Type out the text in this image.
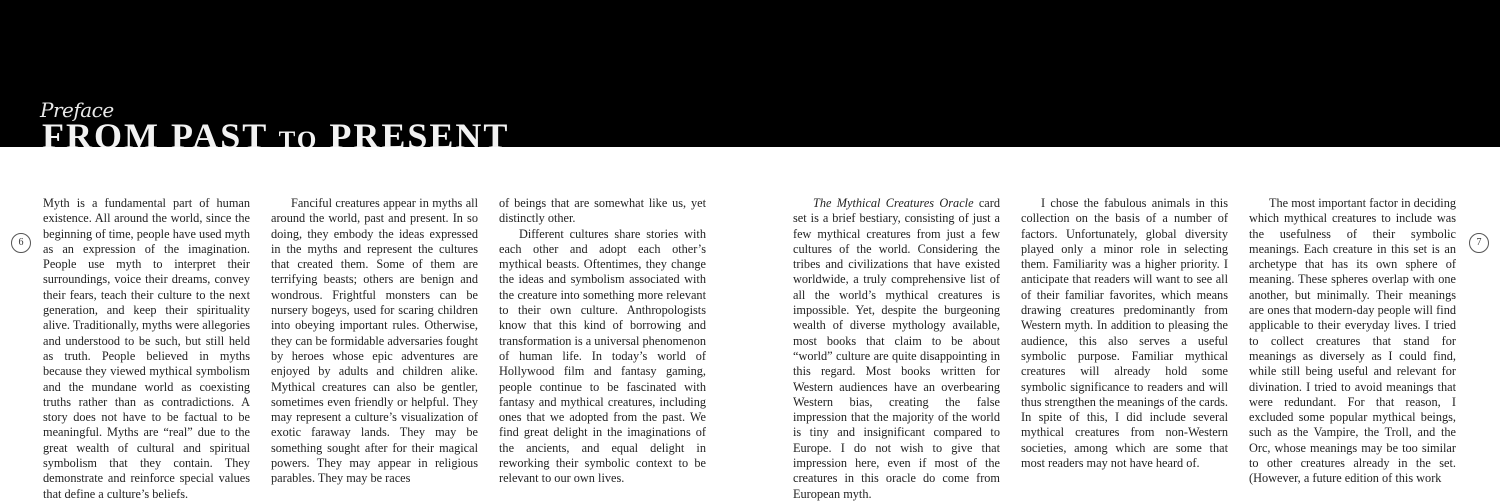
Preface
FROM PAST TO PRESENT
6	7

Myth is a fundamental part of human existence. All around the world, since the beginning of time, people have used myth as an expression of the imagination. People use myth to interpret their surroundings, voice their dreams, convey their fears, teach their culture to the next generation, and keep their spirituality alive. Traditionally, myths were allegories and understood to be such, but still held as truth. People believed in myths because they viewed mythical symbolism and the mundane world as coexisting truths rather than as contradictions. A story does not have to be factual to be meaningful. Myths are “real” due to the great wealth of cultural and spiritual symbolism that they contain. They demonstrate and reinforce special values that define a culture’s beliefs.

Fanciful creatures appear in myths all around the world, past and present. In so doing, they embody the ideas expressed in the myths and represent the cultures that created them. Some of them are terrifying beasts; others are benign and wondrous. Frightful monsters can be nursery bogeys, used for scaring children into obeying important rules. Otherwise, they can be formidable adversaries fought by heroes whose epic adventures are enjoyed by adults and children alike. Mythical creatures can also be gentler, sometimes even friendly or helpful. They may represent a culture’s visualization of exotic faraway lands. They may be something sought after for their magical powers. They may appear in religious parables. They may be races

of beings that are somewhat like us, yet distinctly other.

Different cultures share stories with each other and adopt each other’s mythical beasts. Oftentimes, they change the ideas and symbolism associated with the creature into something more relevant to their own culture. Anthropologists know that this kind of borrowing and transformation is a universal phenomenon of human life. In today’s world of Hollywood film and fantasy gaming, people continue to be fascinated with fantasy and mythical creatures, including ones that we adopted from the past. We find great delight in the imaginations of the ancients, and equal delight in reworking their symbolic context to be relevant to our own lives.

The Mythical Creatures Oracle card set is a brief bestiary, consisting of just a few mythical creatures from just a few cultures of the world. Considering the tribes and civilizations that have existed worldwide, a truly comprehensive list of all the world’s mythical creatures is impossible. Yet, despite the burgeoning wealth of diverse mythology available, most books that claim to be about “world” culture are quite disappointing in this regard. Most books written for Western audiences have an overbearing Western bias, creating the false impression that the majority of the world is tiny and insignificant compared to Europe. I do not wish to give that impression here, even if most of the creatures in this oracle do come from European myth.

I chose the fabulous animals in this collection on the basis of a number of factors. Unfortunately, global diversity played only a minor role in selecting them. Familiarity was a higher priority. I anticipate that readers will want to see all of their familiar favorites, which means drawing creatures predominantly from Western myth. In addition to pleasing the audience, this also serves a useful symbolic purpose. Familiar mythical creatures will already hold some symbolic significance to readers and will thus strengthen the meanings of the cards. In spite of this, I did include several mythical creatures from non-Western societies, among which are some that most readers may not have heard of.

The most important factor in deciding which mythical creatures to include was the usefulness of their symbolic meanings. Each creature in this set is an archetype that has its own sphere of meaning. These spheres overlap with one another, but minimally. Their meanings are ones that modern-day people will find applicable to their everyday lives. I tried to collect creatures that stand for meanings as diversely as I could find, while still being useful and relevant for divination. I tried to avoid meanings that were redundant. For that reason, I excluded some popular mythical beings, such as the Vampire, the Troll, and the Orc, whose meanings may be too similar to other creatures already in the set. (However, a future edition of this work
